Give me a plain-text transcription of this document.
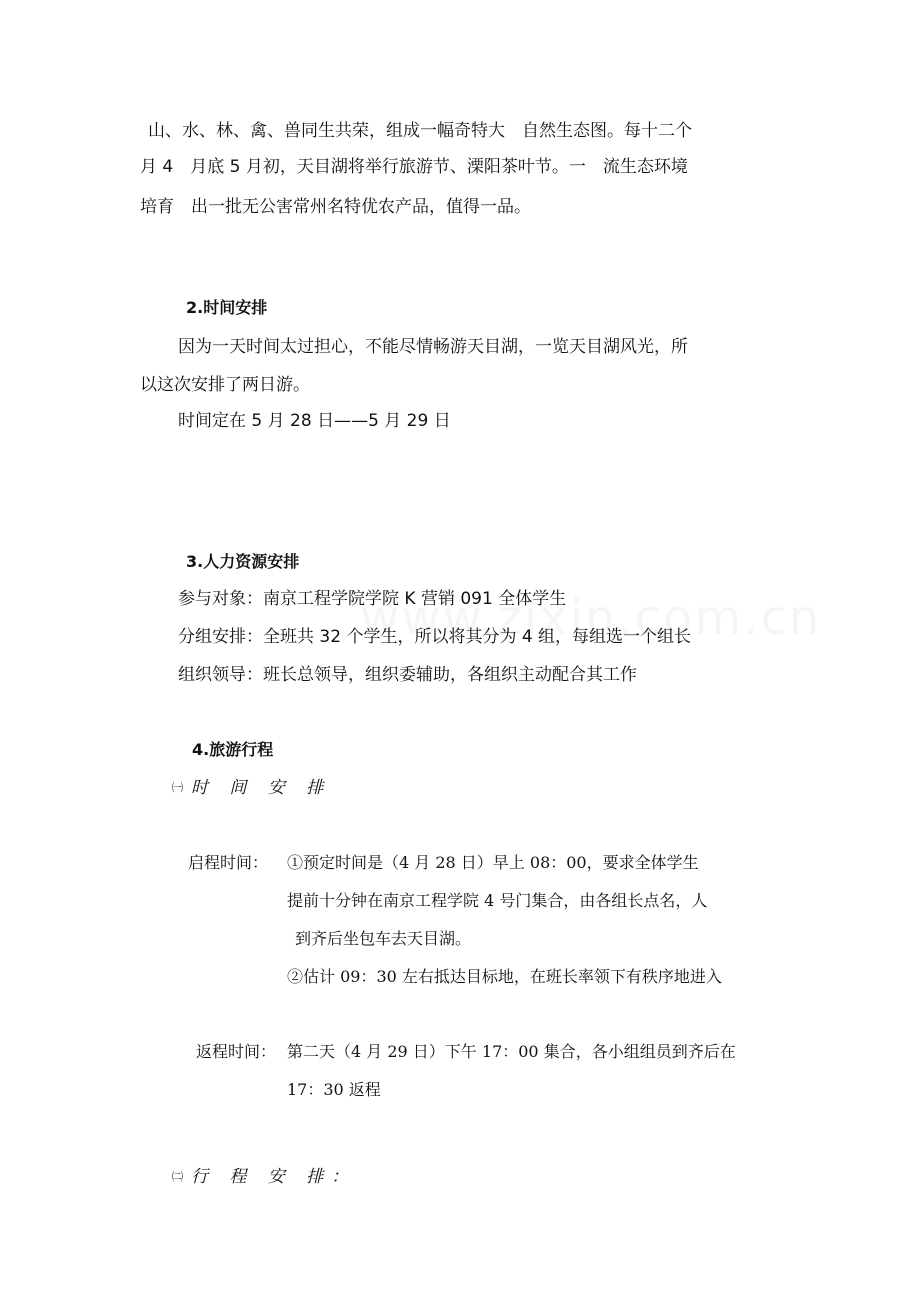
山、水、林、禽、兽同生共荣，组成一幅奇特大　自然生态图。每十二个
月 4　月底 5 月初，天目湖将举行旅游节、溧阳茶叶节。一　流生态环境
培育　出一批无公害常州名特优农产品，值得一品。
2.时间安排
因为一天时间太过担心，不能尽情畅游天目湖，一览天目湖风光，所
以这次安排了两日游。
时间定在 5 月 28 日——5 月 29 日
3.人力资源安排
参与对象：南京工程学院学院 K 营销 091 全体学生
分组安排：全班共 32 个学生，所以将其分为 4 组，每组选一个组长
组织领导：班长总领导，组织委辅助，各组织主动配合其工作
4.旅游行程
㈠ 时 间 安 排
启程时间： ①预定时间是（4 月 28 日）早上 08：00，要求全体学生
提前十分钟在南京工程学院 4 号门集合，由各组长点名，人
到齐后坐包车去天目湖。
②估计 09：30 左右抵达目标地，在班长率领下有秩序地进入
返程时间： 第二天（4 月 29 日）下午 17：00 集合，各小组组员到齐后在
17：30 返程
㈡ 行 程 安 排：
